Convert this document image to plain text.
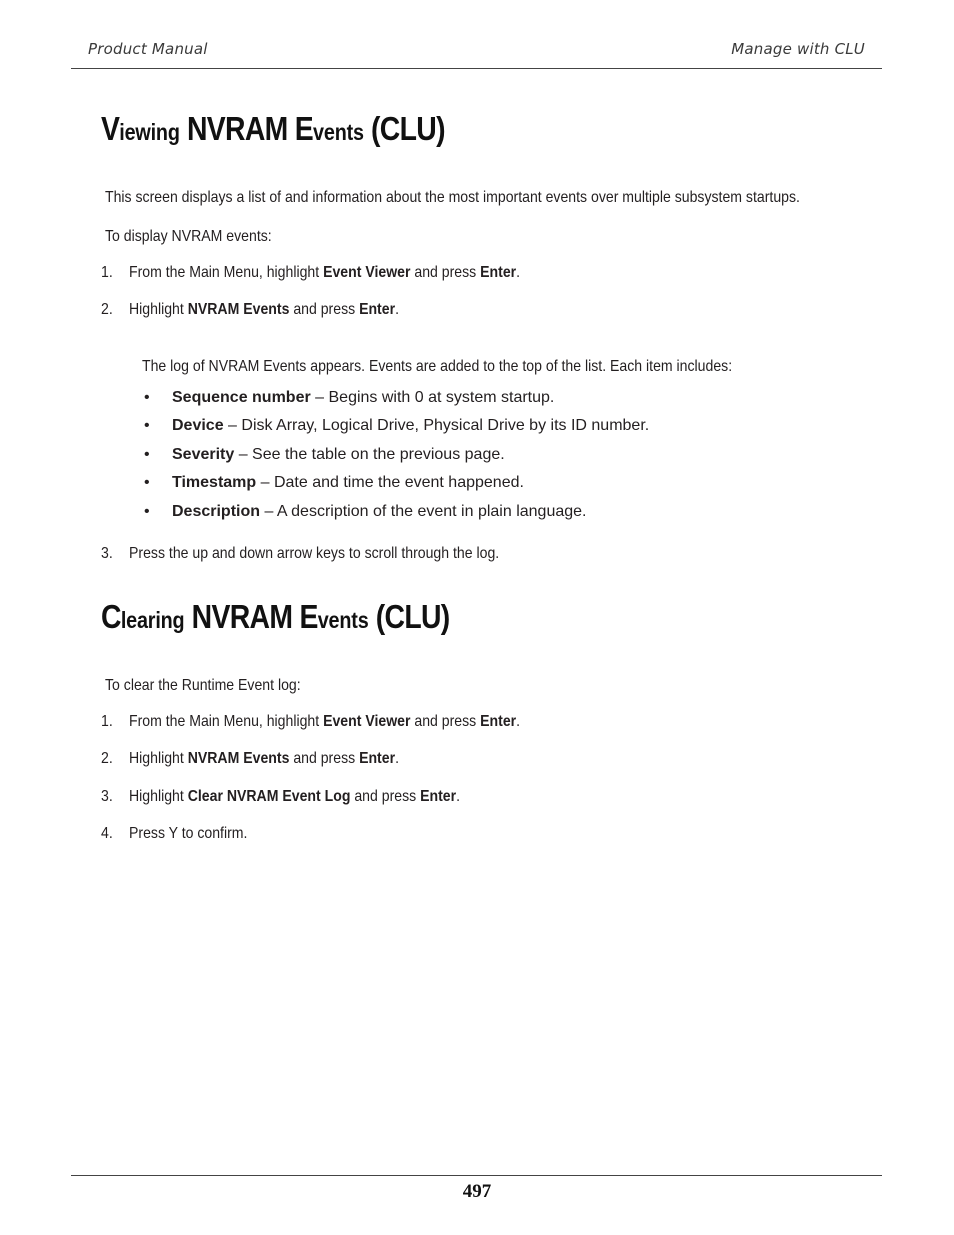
Product Manual	Manage with CLU
Viewing NVRAM Events (CLU)
This screen displays a list of and information about the most important events over multiple subsystem startups.
To display NVRAM events:
1. From the Main Menu, highlight Event Viewer and press Enter.
2. Highlight NVRAM Events and press Enter.
The log of NVRAM Events appears. Events are added to the top of the list. Each item includes:
• Sequence number – Begins with 0 at system startup.
• Device – Disk Array, Logical Drive, Physical Drive by its ID number.
• Severity – See the table on the previous page.
• Timestamp – Date and time the event happened.
• Description – A description of the event in plain language.
3. Press the up and down arrow keys to scroll through the log.
Clearing NVRAM Events (CLU)
To clear the Runtime Event log:
1. From the Main Menu, highlight Event Viewer and press Enter.
2. Highlight NVRAM Events and press Enter.
3. Highlight Clear NVRAM Event Log and press Enter.
4. Press Y to confirm.
497
